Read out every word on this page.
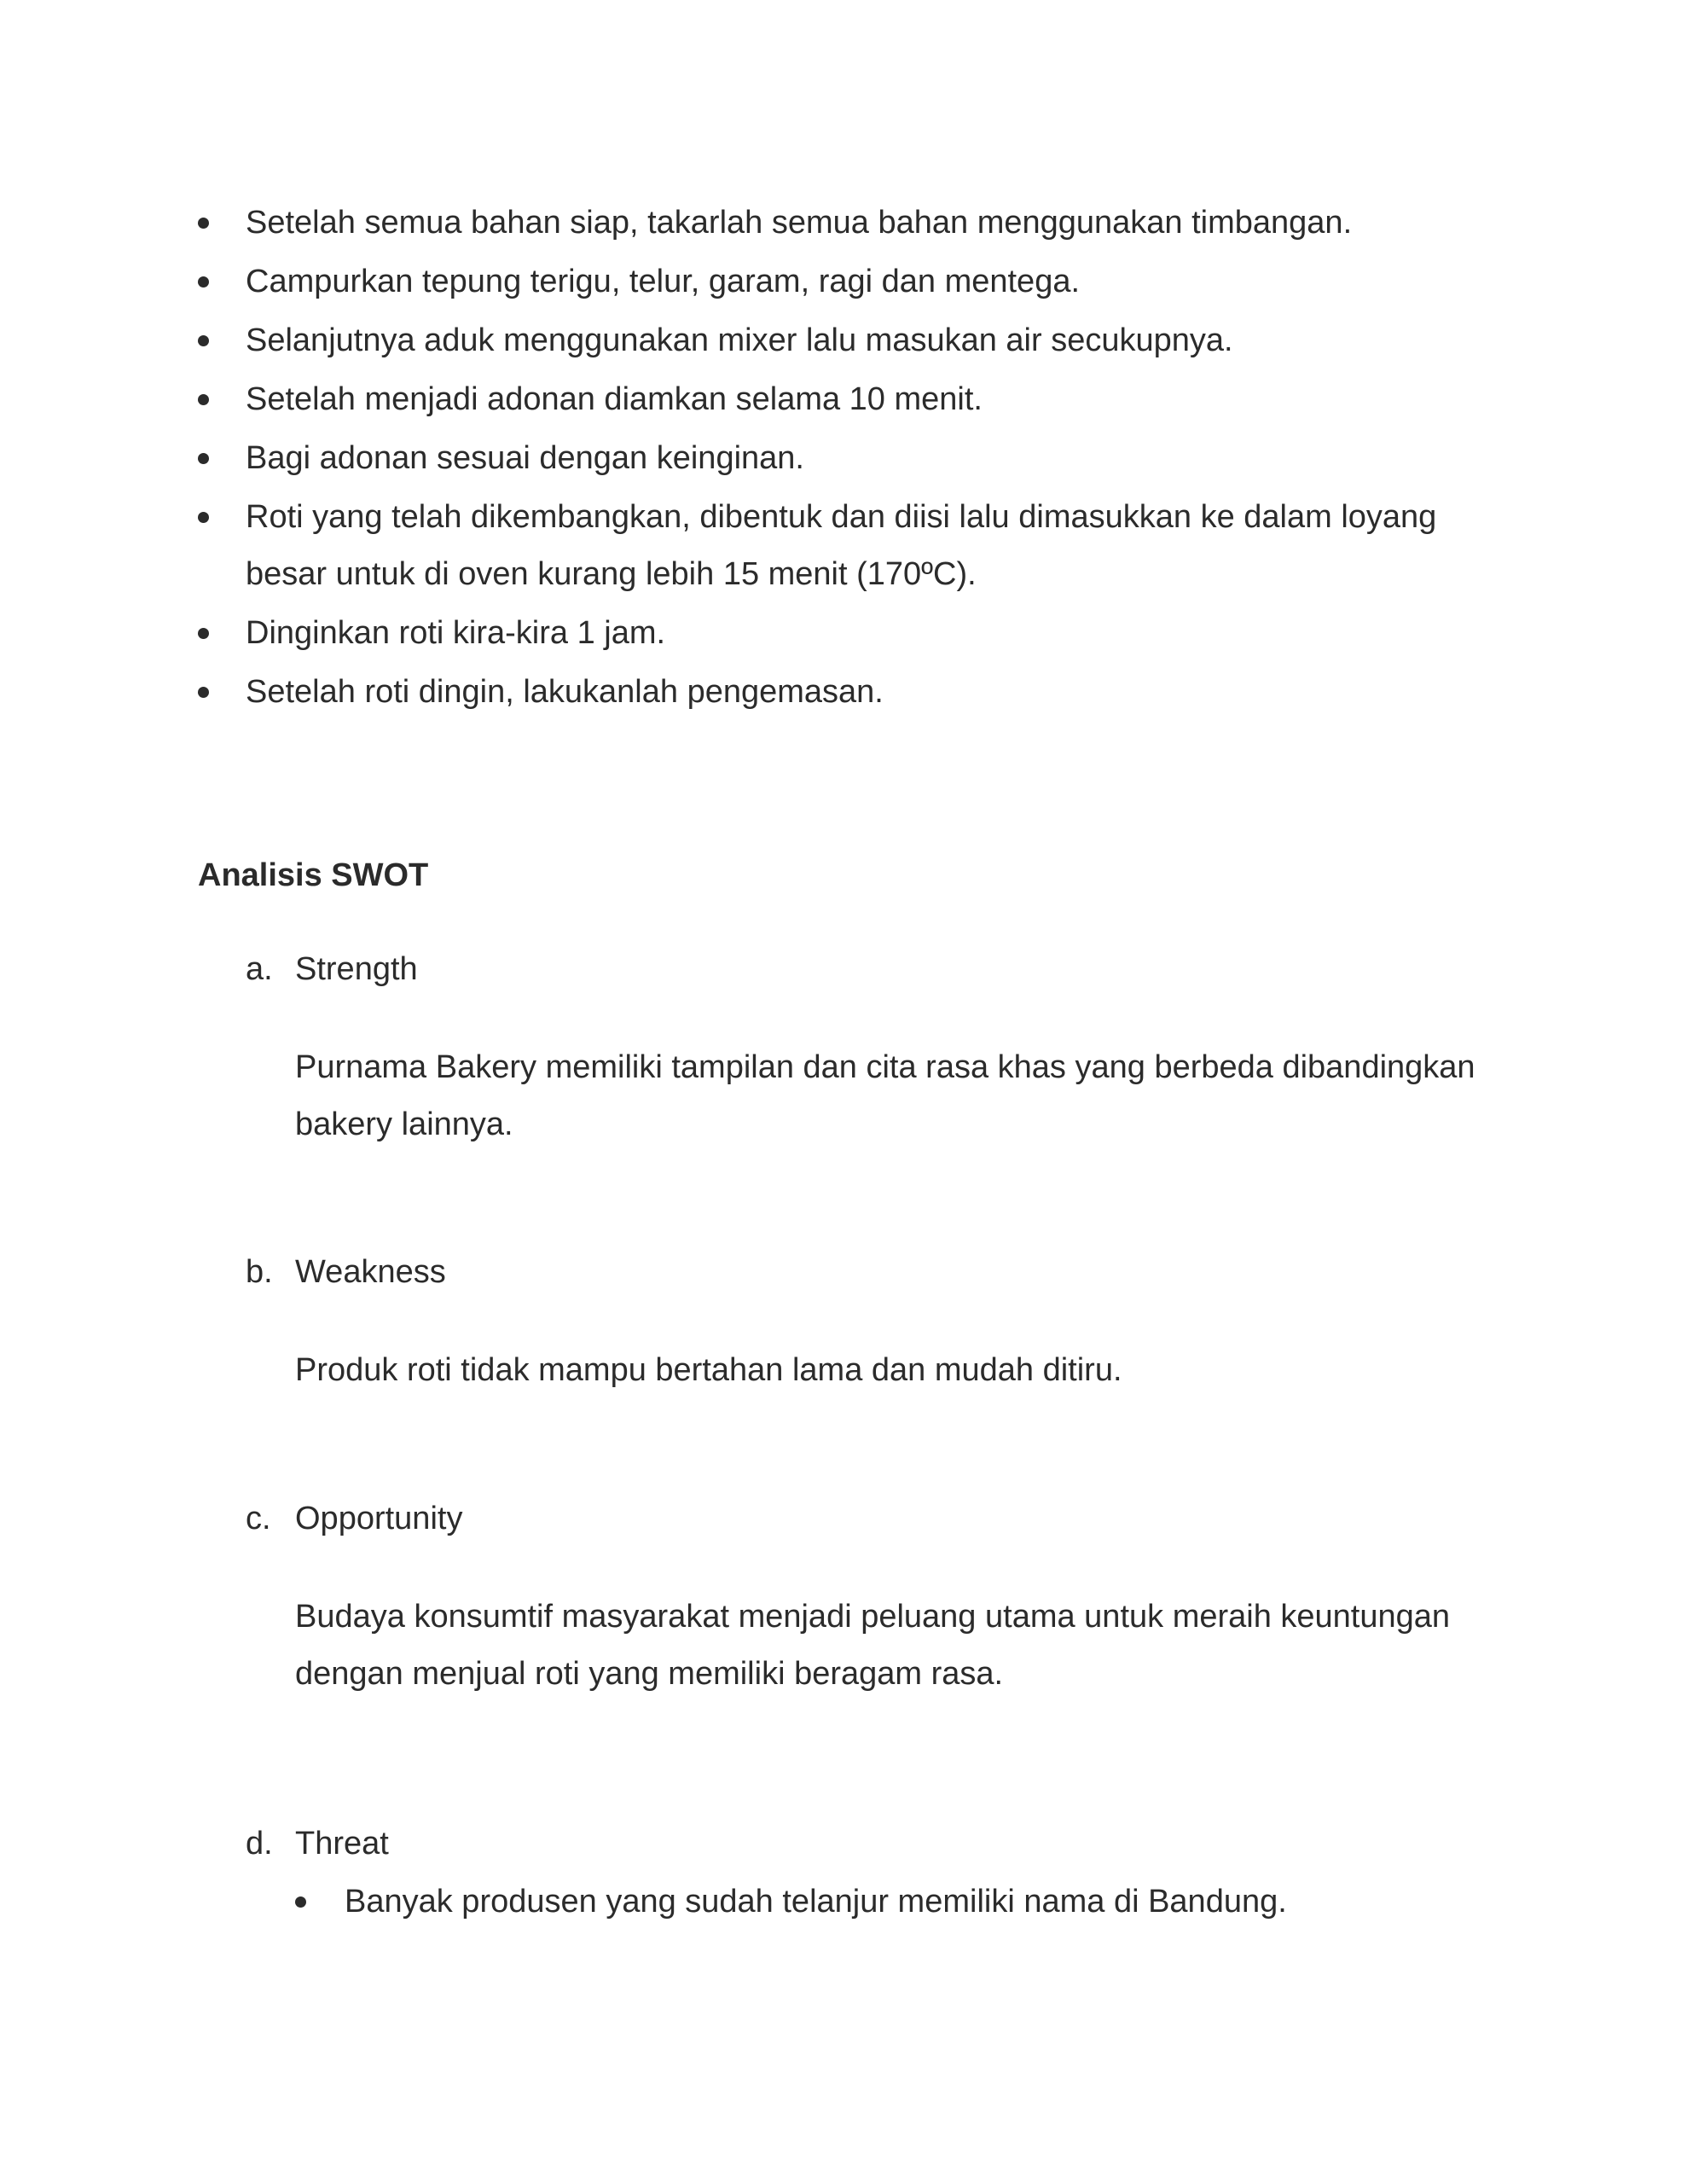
Setelah semua bahan siap, takarlah semua bahan menggunakan timbangan.
Campurkan tepung terigu, telur, garam, ragi dan mentega.
Selanjutnya aduk menggunakan mixer lalu masukan air secukupnya.
Setelah menjadi adonan diamkan selama 10 menit.
Bagi adonan sesuai dengan keinginan.
Roti yang telah dikembangkan, dibentuk dan diisi lalu dimasukkan ke dalam loyang besar untuk di oven kurang lebih 15 menit (170ºC).
Dinginkan roti kira-kira 1 jam.
Setelah roti dingin, lakukanlah pengemasan.
Analisis SWOT
a. Strength
Purnama Bakery memiliki tampilan dan cita rasa khas yang berbeda dibandingkan bakery lainnya.
b. Weakness
Produk roti tidak mampu bertahan lama dan mudah ditiru.
c. Opportunity
Budaya konsumtif masyarakat menjadi peluang utama untuk meraih keuntungan dengan menjual roti yang memiliki beragam rasa.
d. Threat
Banyak produsen yang sudah telanjur memiliki nama di Bandung.
